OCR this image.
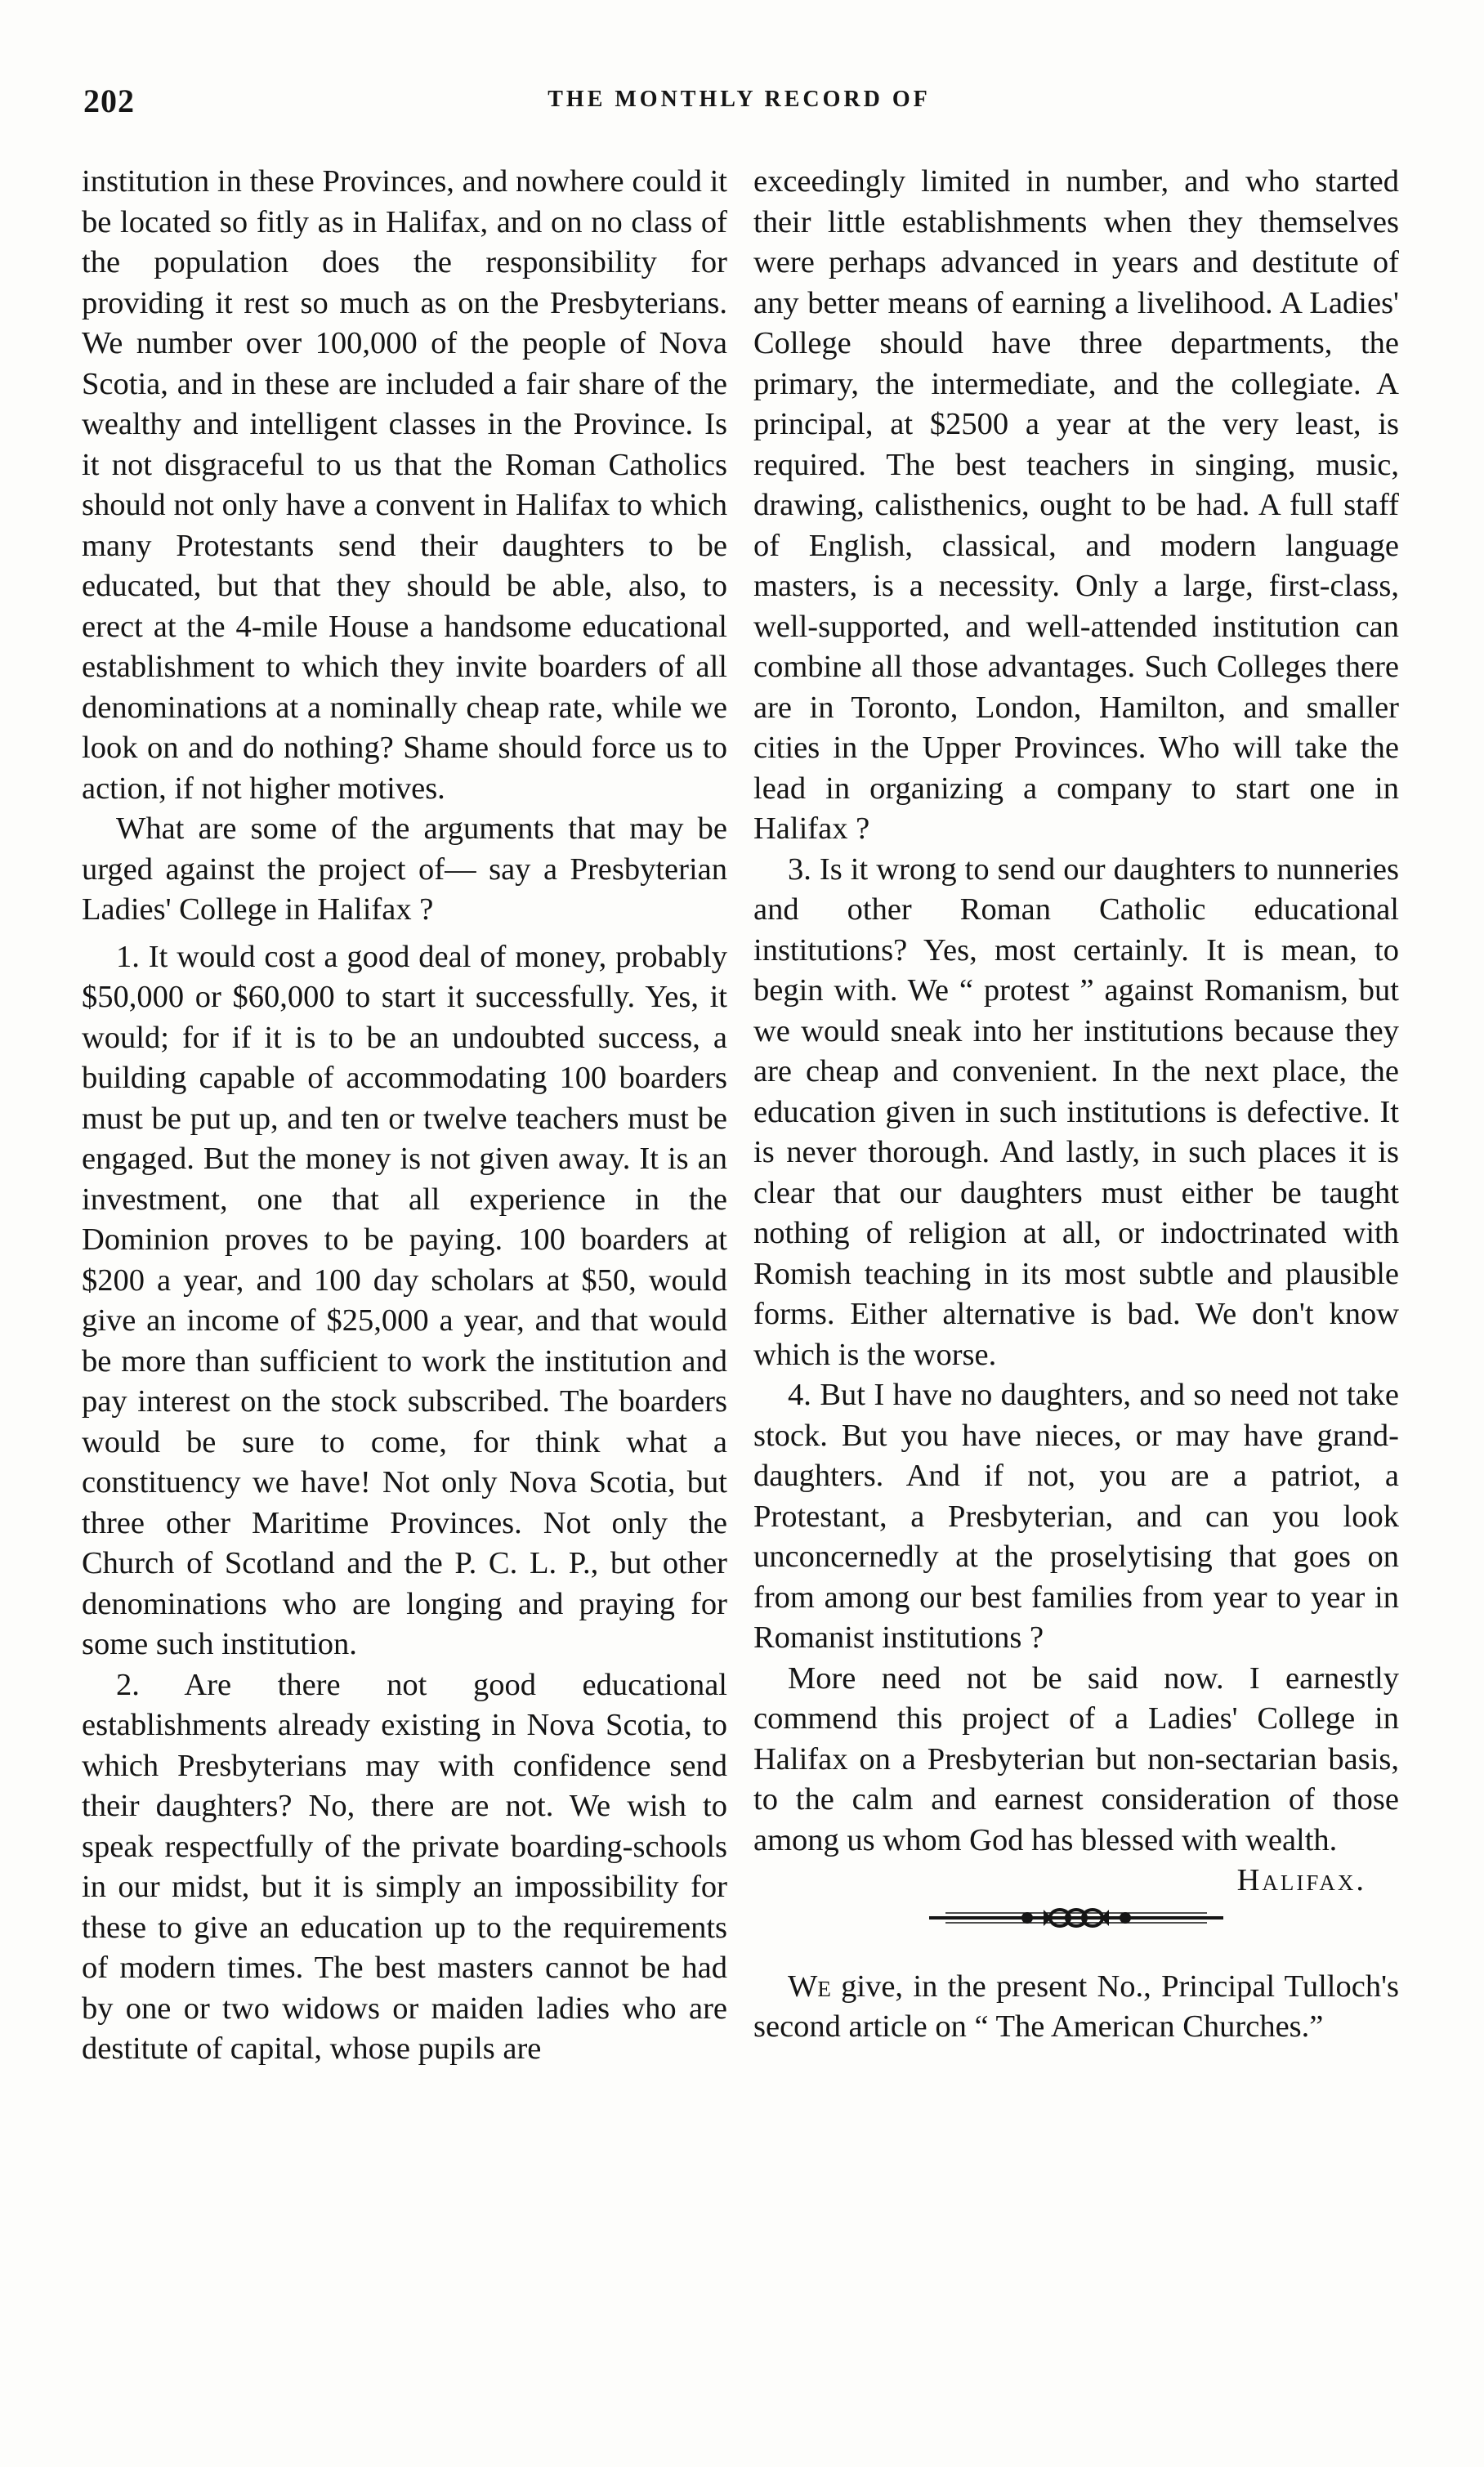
202	THE MONTHLY RECORD OF

institution in these Provinces, and nowhere could it be located so fitly as in Halifax, and on no class of the population does the responsibility for providing it rest so much as on the Presbyterians. We number over 100,000 of the people of Nova Scotia, and in these are included a fair share of the wealthy and intelligent classes in the Province. Is it not disgraceful to us that the Roman Catholics should not only have a convent in Halifax to which many Protestants send their daughters to be educated, but that they should be able, also, to erect at the 4-mile House a handsome educational establishment to which they invite boarders of all denominations at a nominally cheap rate, while we look on and do nothing? Shame should force us to action, if not higher motives.

What are some of the arguments that may be urged against the project of— say a Presbyterian Ladies' College in Halifax ?

1. It would cost a good deal of money, probably $50,000 or $60,000 to start it successfully. Yes, it would; for if it is to be an undoubted success, a building capable of accommodating 100 boarders must be put up, and ten or twelve teachers must be engaged. But the money is not given away. It is an investment, one that all experience in the Dominion proves to be paying. 100 boarders at $200 a year, and 100 day scholars at $50, would give an income of $25,000 a year, and that would be more than sufficient to work the institution and pay interest on the stock subscribed. The boarders would be sure to come, for think what a constituency we have! Not only Nova Scotia, but three other Maritime Provinces. Not only the Church of Scotland and the P. C. L. P., but other denominations who are longing and praying for some such institution.

2. Are there not good educational establishments already existing in Nova Scotia, to which Presbyterians may with confidence send their daughters? No, there are not. We wish to speak respectfully of the private boarding-schools in our midst, but it is simply an impossibility for these to give an education up to the requirements of modern times. The best masters cannot be had by one or two widows or maiden ladies who are destitute of capital, whose pupils are

exceedingly limited in number, and who started their little establishments when they themselves were perhaps advanced in years and destitute of any better means of earning a livelihood. A Ladies' College should have three departments, the primary, the intermediate, and the collegiate. A principal, at $2500 a year at the very least, is required. The best teachers in singing, music, drawing, calisthenics, ought to be had. A full staff of English, classical, and modern language masters, is a necessity. Only a large, first-class, well-supported, and well-attended institution can combine all those advantages. Such Colleges there are in Toronto, London, Hamilton, and smaller cities in the Upper Provinces. Who will take the lead in organizing a company to start one in Halifax ?

3. Is it wrong to send our daughters to nunneries and other Roman Catholic educational institutions? Yes, most certainly. It is mean, to begin with. We “ protest ” against Romanism, but we would sneak into her institutions because they are cheap and convenient. In the next place, the education given in such institutions is defective. It is never thorough. And lastly, in such places it is clear that our daughters must either be taught nothing of religion at all, or indoctrinated with Romish teaching in its most subtle and plausible forms. Either alternative is bad. We don't know which is the worse.

4. But I have no daughters, and so need not take stock. But you have nieces, or may have grand-daughters. And if not, you are a patriot, a Protestant, a Presbyterian, and can you look unconcernedly at the proselytising that goes on from among our best families from year to year in Romanist institutions ?

More need not be said now. I earnestly commend this project of a Ladies' College in Halifax on a Presbyterian but non-sectarian basis, to the calm and earnest consideration of those among us whom God has blessed with wealth.
Halifax.

We give, in the present No., Principal Tulloch's second article on “ The American Churches.”
